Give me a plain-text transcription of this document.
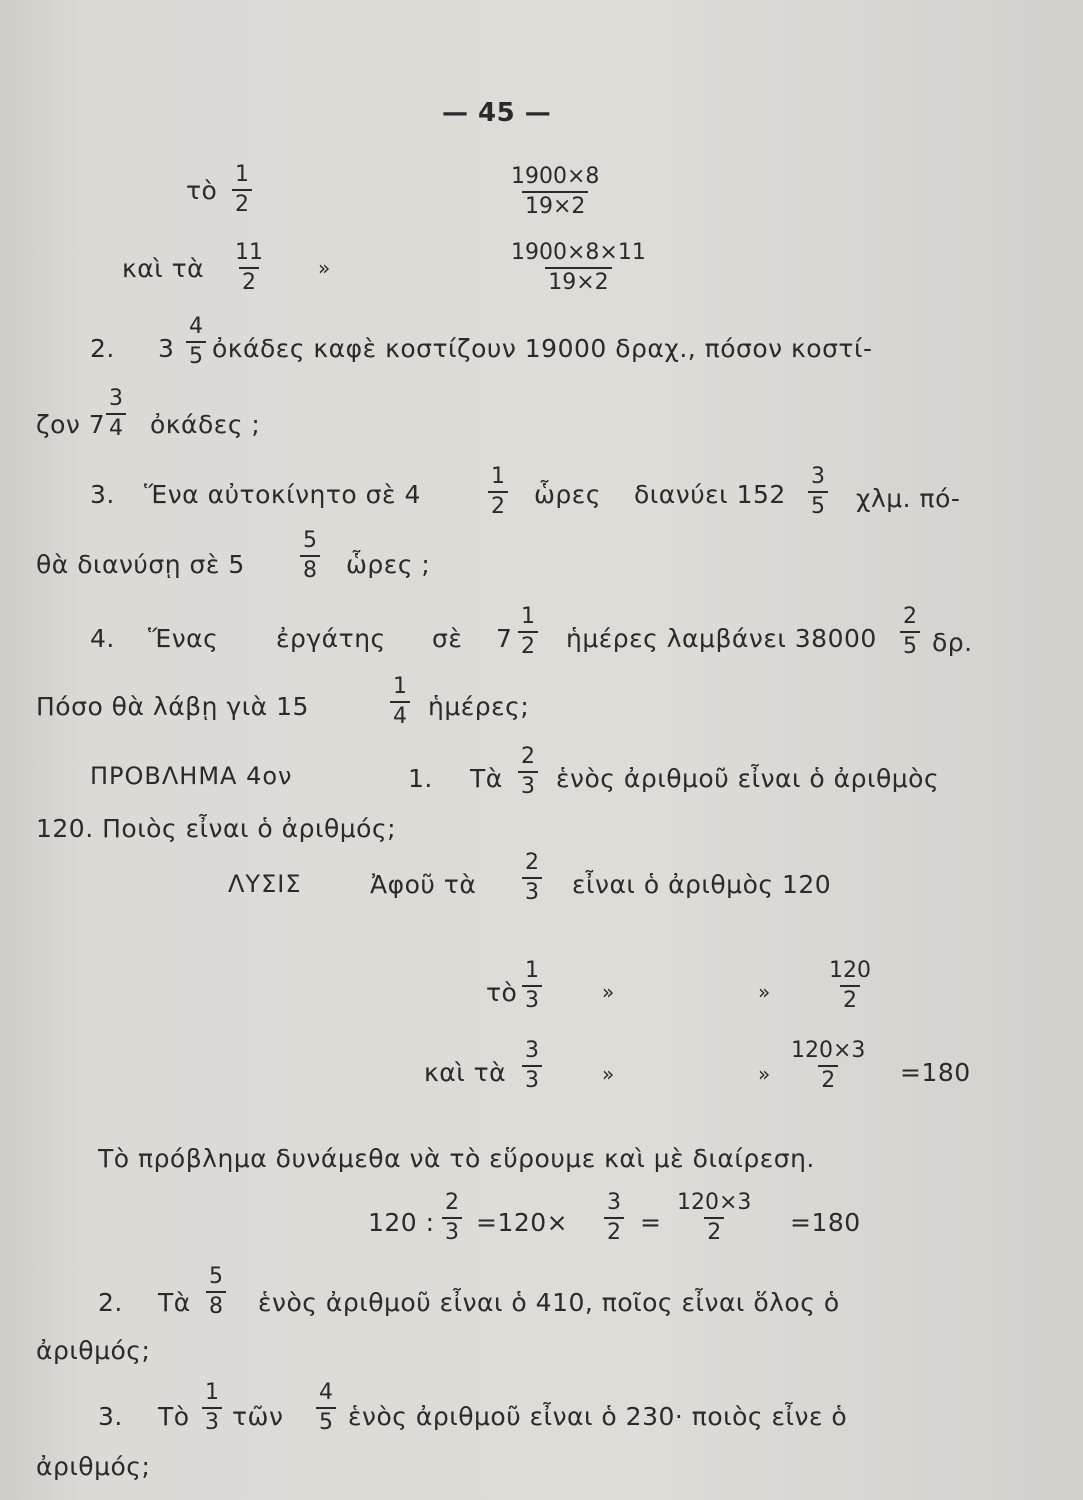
— 45 —
τὸ $\frac{1}{2}$	$\frac{1900\times 8}{19\times 2}$
καὶ τὰ $\frac{11}{2}$	»	$\frac{1900\times 8\times 11}{19\times 2}$
2. $3 \frac{4}{5}$ ὀκάδες καφὲ κοστίζουν 19000 δραχ., πόσον κοστί-
ζον $7 \frac{3}{4}$ ὀκάδες ;
3. Ἕνα αὐτοκίνητο σὲ 4	$\frac{1}{2}$ ὧρες διανύει $152 \frac{3}{5} \chi\lambda\mu$. πό-
θὰ διανύσῃ σὲ 5	$\frac{5}{8}$ ὧρες ;
4. Ἕνας ἐργάτης σὲ $7 \frac{1}{2}$ ἡμέρες λαμβάνει $38000 \frac{2}{5} \delta\rho$.
Πόσο θὰ λάβῃ γιὰ 15	$\frac{1}{4}$ ἡμέρες;
ΠΡΟΒΛΗΜΑ 4ον	1. Τὰ $\frac{2}{3}$ ἑνὸς ἀριθμοῦ εἶναι ὁ ἀριθμὸς
120. Ποιὸς εἶναι ὁ ἀριθμός;
ΛΥΣΙΣ	Ἀφοῦ τὰ $\frac{2}{3}$ εἶναι ὁ ἀριθμὸς 120
τὸ $\frac{1}{3}$	»	»	$\frac{120}{2}$
καὶ τὰ $\frac{3}{3}$	»	» $\frac{120\times 3}{2} =180$
Τὸ πρόβλημα δυνάμεθα νὰ τὸ εὕρουμε καὶ μὲ διαίρεση.
120 : $\frac{2}{3} =120\times \frac{3}{2} = \frac{120\times 3}{2} =180$
2. Τὰ $\frac{5}{8}$ ἑνὸς ἀριθμοῦ εἶναι ὁ 410, ποῖος εἶναι ὅλος ὁ
ἀριθμός;
3. Τὸ $\frac{1}{3}$ τῶν $\frac{4}{5}$ ἑνὸς ἀριθμοῦ εἶναι ὁ 230· ποιὸς εἶνε ὁ
ἀριθμός;
